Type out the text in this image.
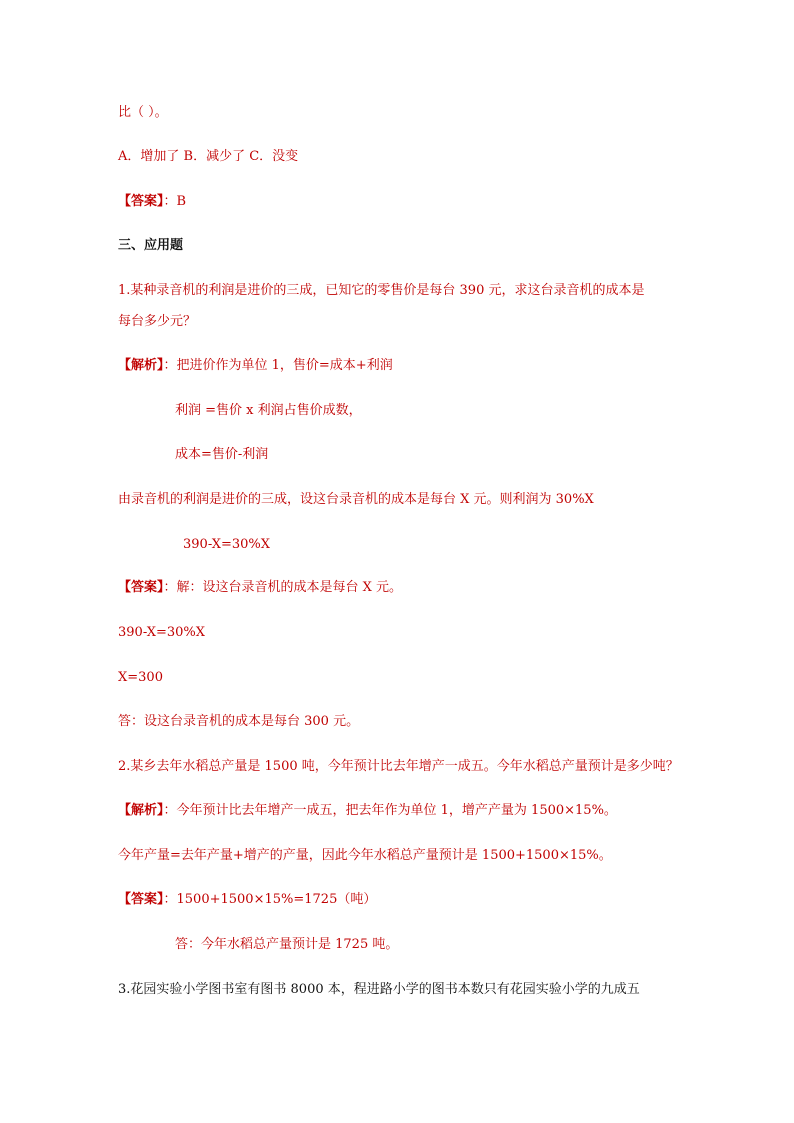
比（ ）。
A．增加了 B．减少了 C．没变
【答案】：B
三、应用题
1.某种录音机的利润是进价的三成，已知它的零售价是每台 390 元，求这台录音机的成本是
每台多少元？
【解析】：把进价作为单位 1，售价=成本+利润
利润 =售价 x 利润占售价成数，
成本=售价-利润
由录音机的利润是进价的三成，设这台录音机的成本是每台 X 元。则利润为 30%X
390-X=30%X
【答案】：解：设这台录音机的成本是每台 X 元。
390-X=30%X
X=300
答：设这台录音机的成本是每台 300 元。
2.某乡去年水稻总产量是 1500 吨，今年预计比去年增产一成五。今年水稻总产量预计是多少吨？
【解析】：今年预计比去年增产一成五，把去年作为单位 1，增产产量为 1500×15%。
今年产量=去年产量+增产的产量，因此今年水稻总产量预计是 1500+1500×15%。
【答案】：1500+1500×15%=1725（吨）
答：今年水稻总产量预计是 1725 吨。
3.花园实验小学图书室有图书 8000 本，程进路小学的图书本数只有花园实验小学的九成五
